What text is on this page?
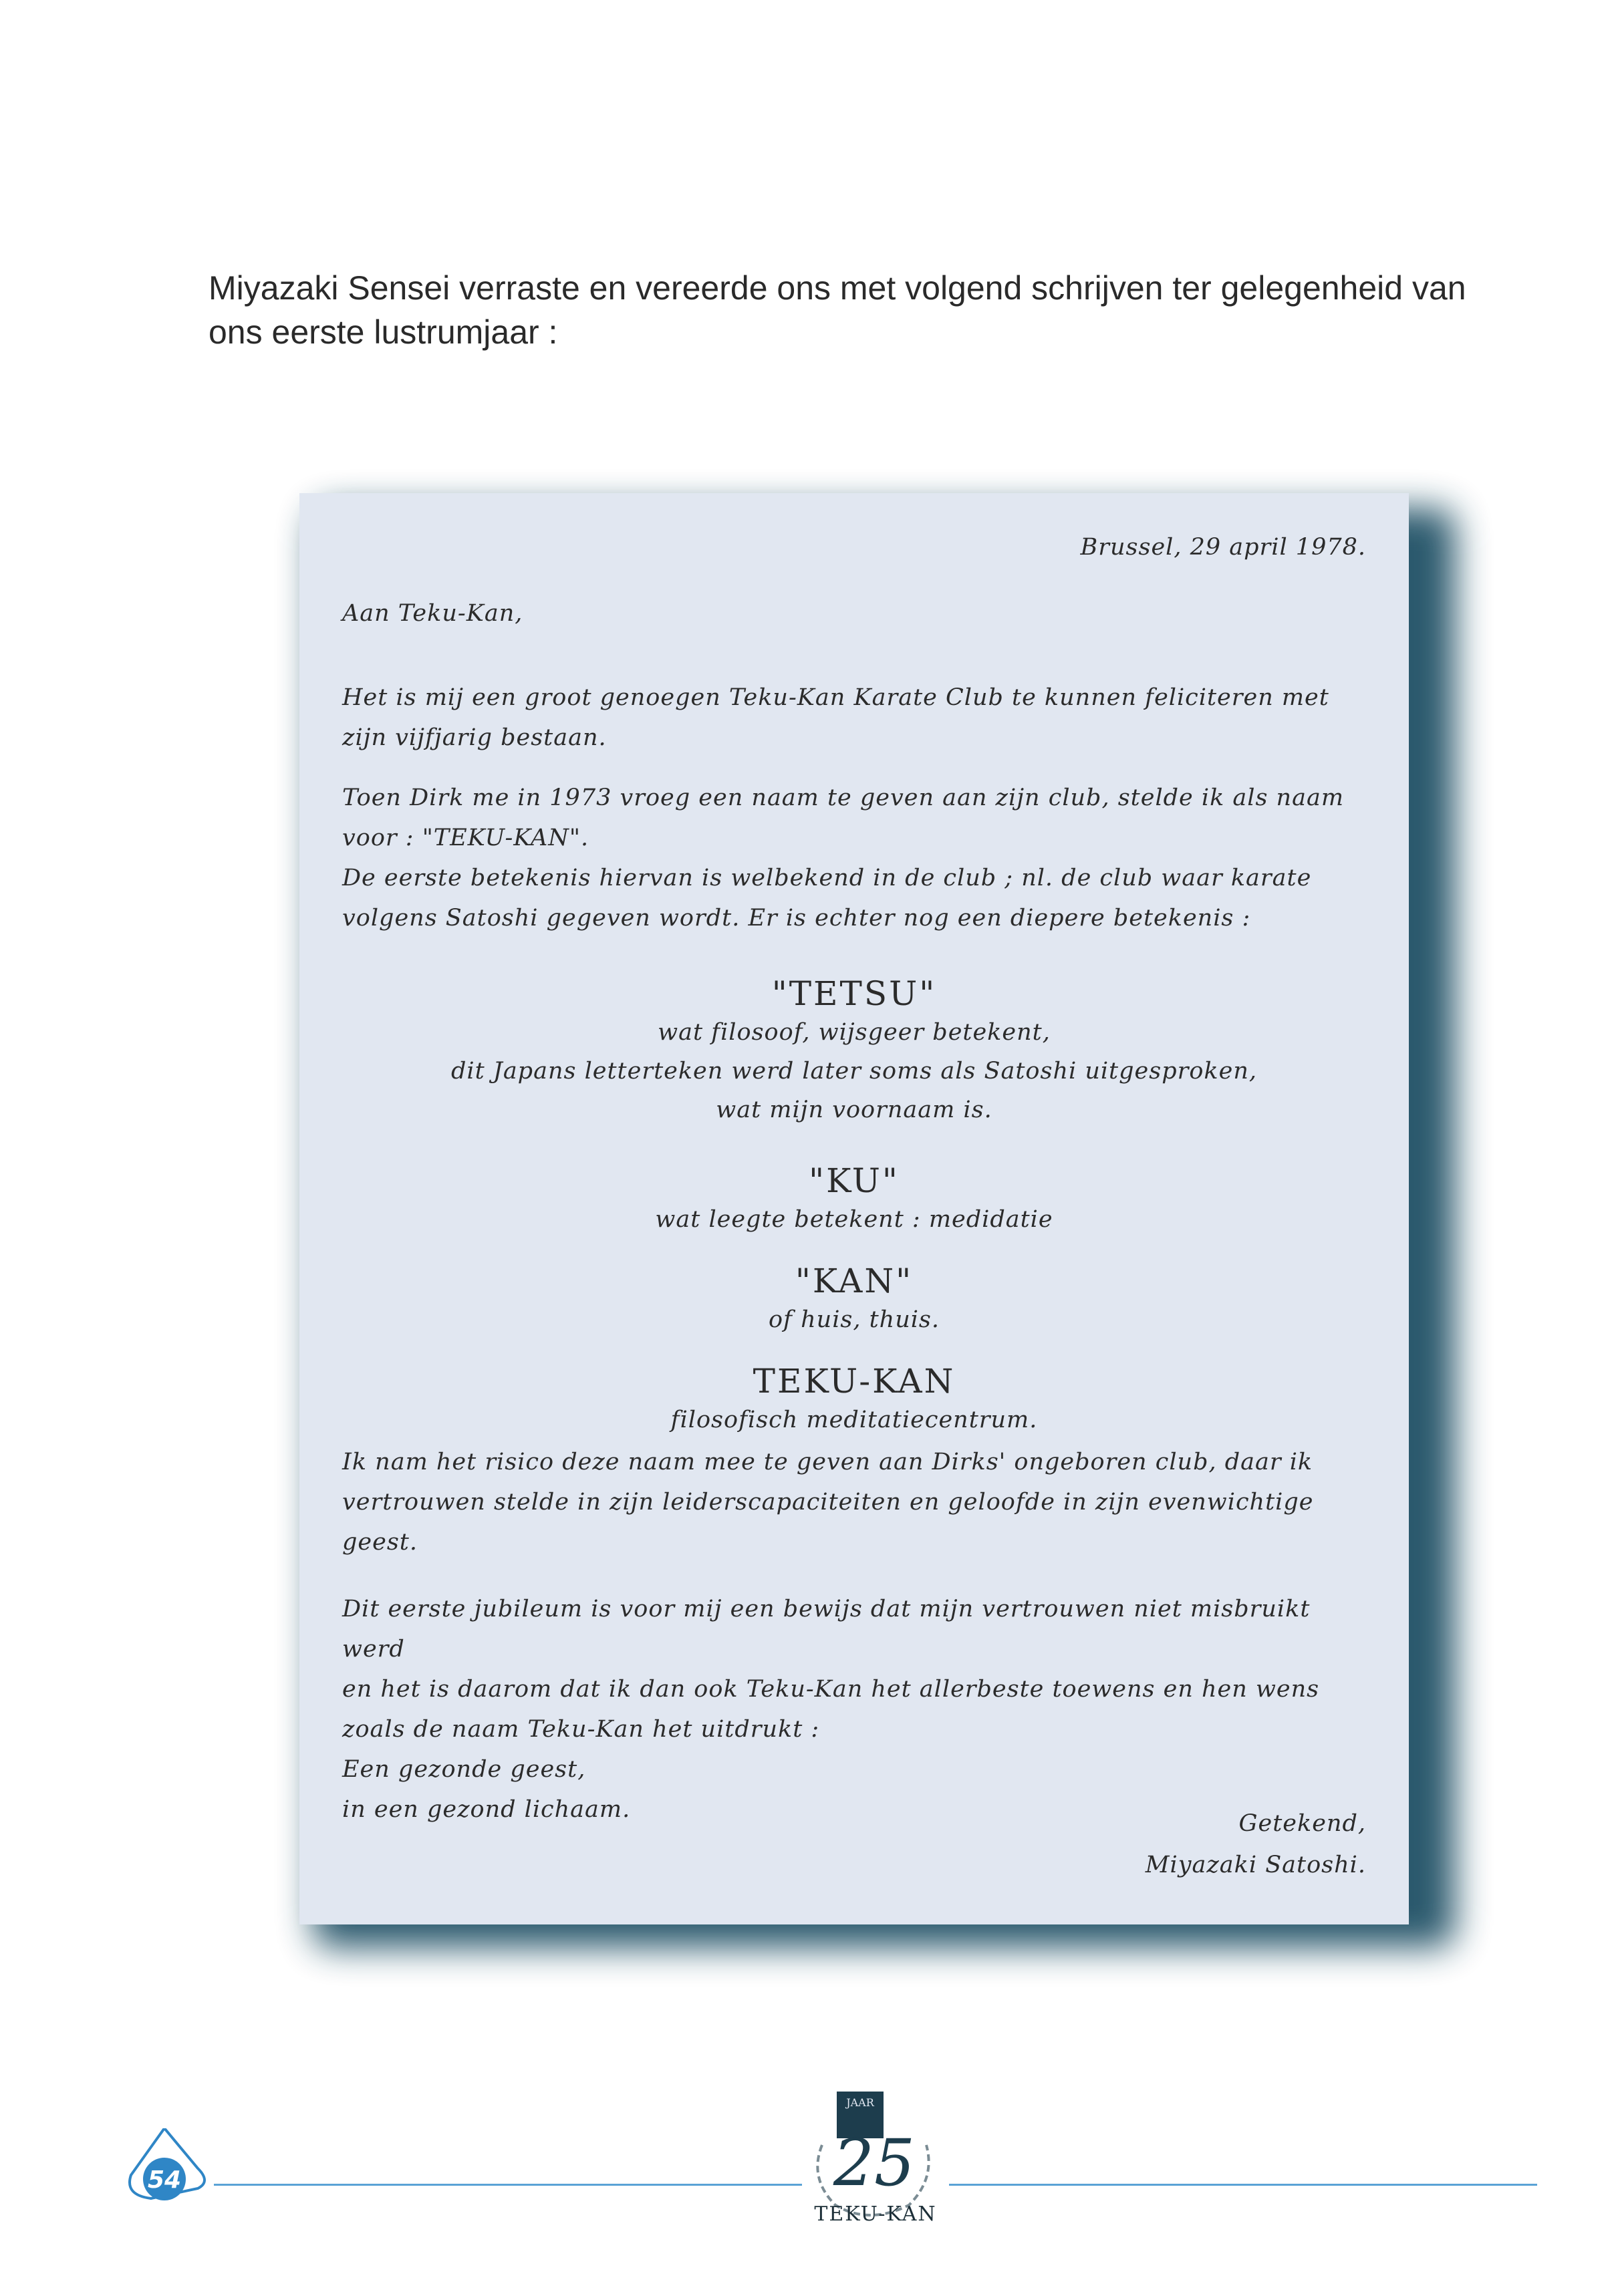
Miyazaki Sensei verraste en vereerde ons met volgend schrijven ter gelegenheid van
ons eerste lustrumjaar :
Brussel, 29 april 1978.
Aan Teku-Kan,
Het is mij een groot genoegen Teku-Kan Karate Club te kunnen feliciteren met
zijn vijfjarig bestaan.
Toen Dirk me in 1973 vroeg een naam te geven aan zijn club, stelde ik als naam
voor : "TEKU-KAN".
De eerste betekenis hiervan is welbekend in de club ; nl. de club waar karate
volgens Satoshi gegeven wordt. Er is echter nog een diepere betekenis :
"TETSU"
wat filosoof, wijsgeer betekent,
dit Japans letterteken werd later soms als Satoshi uitgesproken,
wat mijn voornaam is.
"KU"
wat leegte betekent : medidatie
"KAN"
of huis, thuis.
TEKU-KAN
filosofisch meditatiecentrum.
Ik nam het risico deze naam mee te geven aan Dirks' ongeboren club, daar ik
vertrouwen stelde in zijn leiderscapaciteiten en geloofde in zijn evenwichtige
geest.
Dit eerste jubileum is voor mij een bewijs dat mijn vertrouwen niet misbruikt werd
en het is daarom dat ik dan ook Teku-Kan het allerbeste toewens en hen wens
zoals de naam Teku-Kan het uitdrukt :
Een gezonde geest,
in een gezond lichaam.
Getekend,
Miyazaki Satoshi.
54
JAAR
25
TEKU-KAN
